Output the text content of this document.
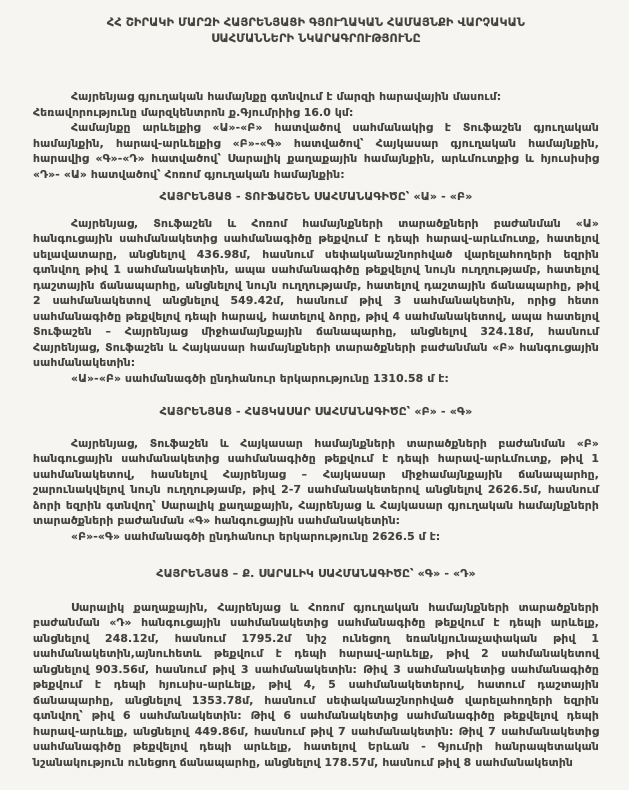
ՀՀ ՇԻՐԱԿԻ ՄԱՐԶԻ ՀԱՅՐԵՆՅԱՑԻ ԳՅՈՒՂԱԿԱՆ ՀԱՄԱՅՆՔԻ ՎԱՐՉԱԿԱՆ
ՍԱՀՄԱՆՆԵՐԻ ՆԿԱՐԱԳՐՈՒԹՅՈՒՆԸ

Հայրենյաց գյուղական համայնքը գտնվում է մարզի հարավային մասում:

Հեռավորությունը մարզկենտրոն ք.Գյումրիից 16.0 կմ:

Համայնքը արևելքից «Ա»-«Բ» հատվածով սահմանակից է Տուֆաշեն գյուղական համայնքին, հարավ-արևելքից «Բ»-«Գ» հատվածով՝ Հայկասար գյուղական համայնքին, հարավից «Գ»-«Դ» հատվածով՝ Սարալիկ քաղաքային համայնքին, արևմուտքից և հյուսիսից «Դ»- «Ա» հատվածով՝ Հոռոմ գյուղական համայնքին:

ՀԱՅՐԵՆՅԱՑ - ՏՈՒՖԱՇԵՆ ՍԱՀՄԱՆԱԳԻԾԸ՝ «Ա» - «Բ»

Հայրենյաց, Տուֆաշեն և Հոռոմ համայնքների տարածքների բաժանման «Ա» հանգուցային սահմանակետից սահմանագիծը թեքվում է դեպի հարավ-արևմուտք, հատելով սելավատարը, անցնելով 436.98մ, հասնում սեփականաշնորհված վարելահողերի եզրին գտնվող թիվ 1 սահմանակետին, ապա սահմանագիծը թեքվելով նույն ուղղությամբ, հատելով դաշտային ճանապարհը, անցնելով նույն ուղղությամբ, հատելով դաշտային ճանապարհը, թիվ 2 սահմանակետով անցնելով 549.42մ, հասնում թիվ 3 սահմանակետին, որից հետո սահմանագիծը թեքվելով դեպի հարավ, հատելով ձորը, թիվ 4 սահմանակետով, ապա հատելով Տուֆաշեն – Հայրենյաց միջհամայնքային ճանապարհը, անցնելով 324.18մ, հասնում Հայրենյաց, Տուֆաշեն և Հայկասար համայնքների տարածքների բաժանման «Բ» հանգուցային սահմանակետին:

«Ա»-«Բ» սահմանագծի ընդհանուր երկարությունը 1310.58 մ է:

ՀԱՅՐԵՆՅԱՑ - ՀԱՅԿԱՍԱՐ ՍԱՀՄԱՆԱԳԻԾԸ՝ «Բ» - «Գ»

Հայրենյաց, Տուֆաշեն և Հայկասար համայնքների տարածքների բաժանման «Բ» հանգուցային սահմանակետից սահմանագիծը թեքվում է դեպի հարավ-արևմուտք, թիվ 1 սահմանակետով, հասնելով Հայրենյաց – Հայկասար միջհամայնքային ճանապարհը, շարունակվելով նույն ուղղությամբ, թիվ 2-7 սահմանակետերով անցնելով 2626.5մ, հասնում ձորի եզրին գտնվող՝ Սարալիկ քաղաքային, Հայրենյաց և Հայկասար գյուղական համայնքների տարածքների բաժանման «Գ» հանգուցային սահմանակետին:

«Բ»-«Գ» սահմանագծի ընդհանուր երկարությունը 2626.5 մ է:

ՀԱՅՐԵՆՅԱՑ – Ք. ՍԱՐԱԼԻԿ ՍԱՀՄԱՆԱԳԻԾԸ՝ «Գ» - «Դ»

Սարալիկ քաղաքային, Հայրենյաց և Հոռոմ գյուղական համայնքների տարածքների բաժանման «Դ» հանգուցային սահմանակետից սահմանագիծը թեքվում է դեպի արևելք, անցնելով 248.12մ, հասնում 1795.2մ նիշ ունեցող եռանկյունաչափական թիվ 1 սահմանակետին,այնուհետև թեքվում է դեպի հարավ-արևելք, թիվ 2 սահմանակետով անցնելով 903.56մ, հասնում թիվ 3 սահմանակետին: Թիվ 3 սահմանակետից սահմանագիծը թեքվում է դեպի հյուսիս-արևելք, թիվ 4, 5 սահմանակետերով, հատում դաշտային ճանապարհը, անցնելով 1353.78մ, հասնում սեփականաշնորհված վարելահողերի եզրին գտնվող՝ թիվ 6 սահմանակետին: Թիվ 6 սահմանակետից սահմանագիծը թեքվելով դեպի հարավ-արևելք, անցնելով 449.86մ, հասնում թիվ 7 սահմանակետին: Թիվ 7 սահմանակետից սահմանագիծը թեքվելով դեպի արևելք, հատելով Երևան - Գյումրի հանրապետական նշանակություն ունեցող ճանապարհը, անցնելով 178.57մ, հասնում թիվ 8 սահմանակետին
